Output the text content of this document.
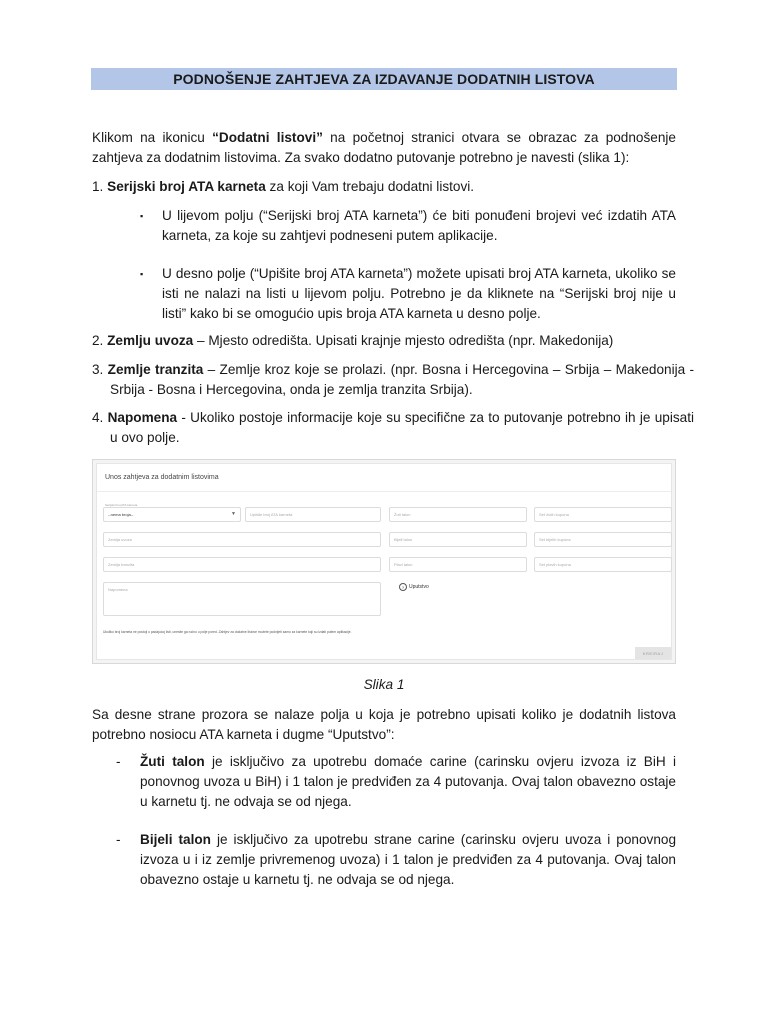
PODNOŠENJE ZAHTJEVA ZA IZDAVANJE DODATNIH LISTOVA
Klikom na ikonicu “Dodatni listovi” na početnoj stranici otvara se obrazac za podnošenje zahtjeva za dodatnim listovima. Za svako dodatno putovanje potrebno je navesti (slika 1):
1. Serijski broj ATA karneta za koji Vam trebaju dodatni listovi.
▪ U lijevom polju (“Serijski broj ATA karneta”) će biti ponuđeni brojevi već izdatih ATA karneta, za koje su zahtjevi podneseni putem aplikacije.
▪ U desno polje (“Upišite broj ATA karneta”) možete upisati broj ATA karneta, ukoliko se isti ne nalazi na listi u lijevom polju. Potrebno je da kliknete na “Serijski broj nije u listi” kako bi se omogućio upis broja ATA karneta u desno polje.
2. Zemlju uvoza – Mjesto odredišta. Upisati krajnje mjesto odredišta (npr. Makedonija)
3. Zemlje tranzita – Zemlje kroz koje se prolazi. (npr. Bosna i Hercegovina – Srbija – Makedonija - Srbija - Bosna i Hercegovina, onda je zemlja tranzita Srbija).
4. Napomena - Ukoliko postoje informacije koje su specifične za to putovanje potrebno ih je upisati u ovo polje.
Unos zahtjeva za dodatnim listovima
Serijski broj ATA karneta
--nema broja--	▼	Upišite broj ATA karneta	Žuti talon	Set žutih kupona
Zemlja uvoza	Bijeli talon	Set bijelih kupona
Zemlja tranzita	Plavi talon	Set plavih kupona
Napomena	? Uputstvo
Ukoliko broj karneta ne postoji u padajućoj listi, unesite ga ručno u polje pored. Zahtjev za dodatne listove možete podnijeti samo za karnete koji su izdati putem aplikacije.
KREIRAJ
Slika 1
Sa desne strane prozora se nalaze polja u koja je potrebno upisati koliko je dodatnih listova potrebno nosiocu ATA karneta i dugme “Uputstvo”:
- Žuti talon je isključivo za upotrebu domaće carine (carinsku ovjeru izvoza iz BiH i ponovnog uvoza u BiH) i 1 talon je predviđen za 4 putovanja. Ovaj talon obavezno ostaje u karnetu tj. ne odvaja se od njega.
- Bijeli talon je isključivo za upotrebu strane carine (carinsku ovjeru uvoza i ponovnog izvoza u i iz zemlje privremenog uvoza) i 1 talon je predviđen za 4 putovanja. Ovaj talon obavezno ostaje u karnetu tj. ne odvaja se od njega.
